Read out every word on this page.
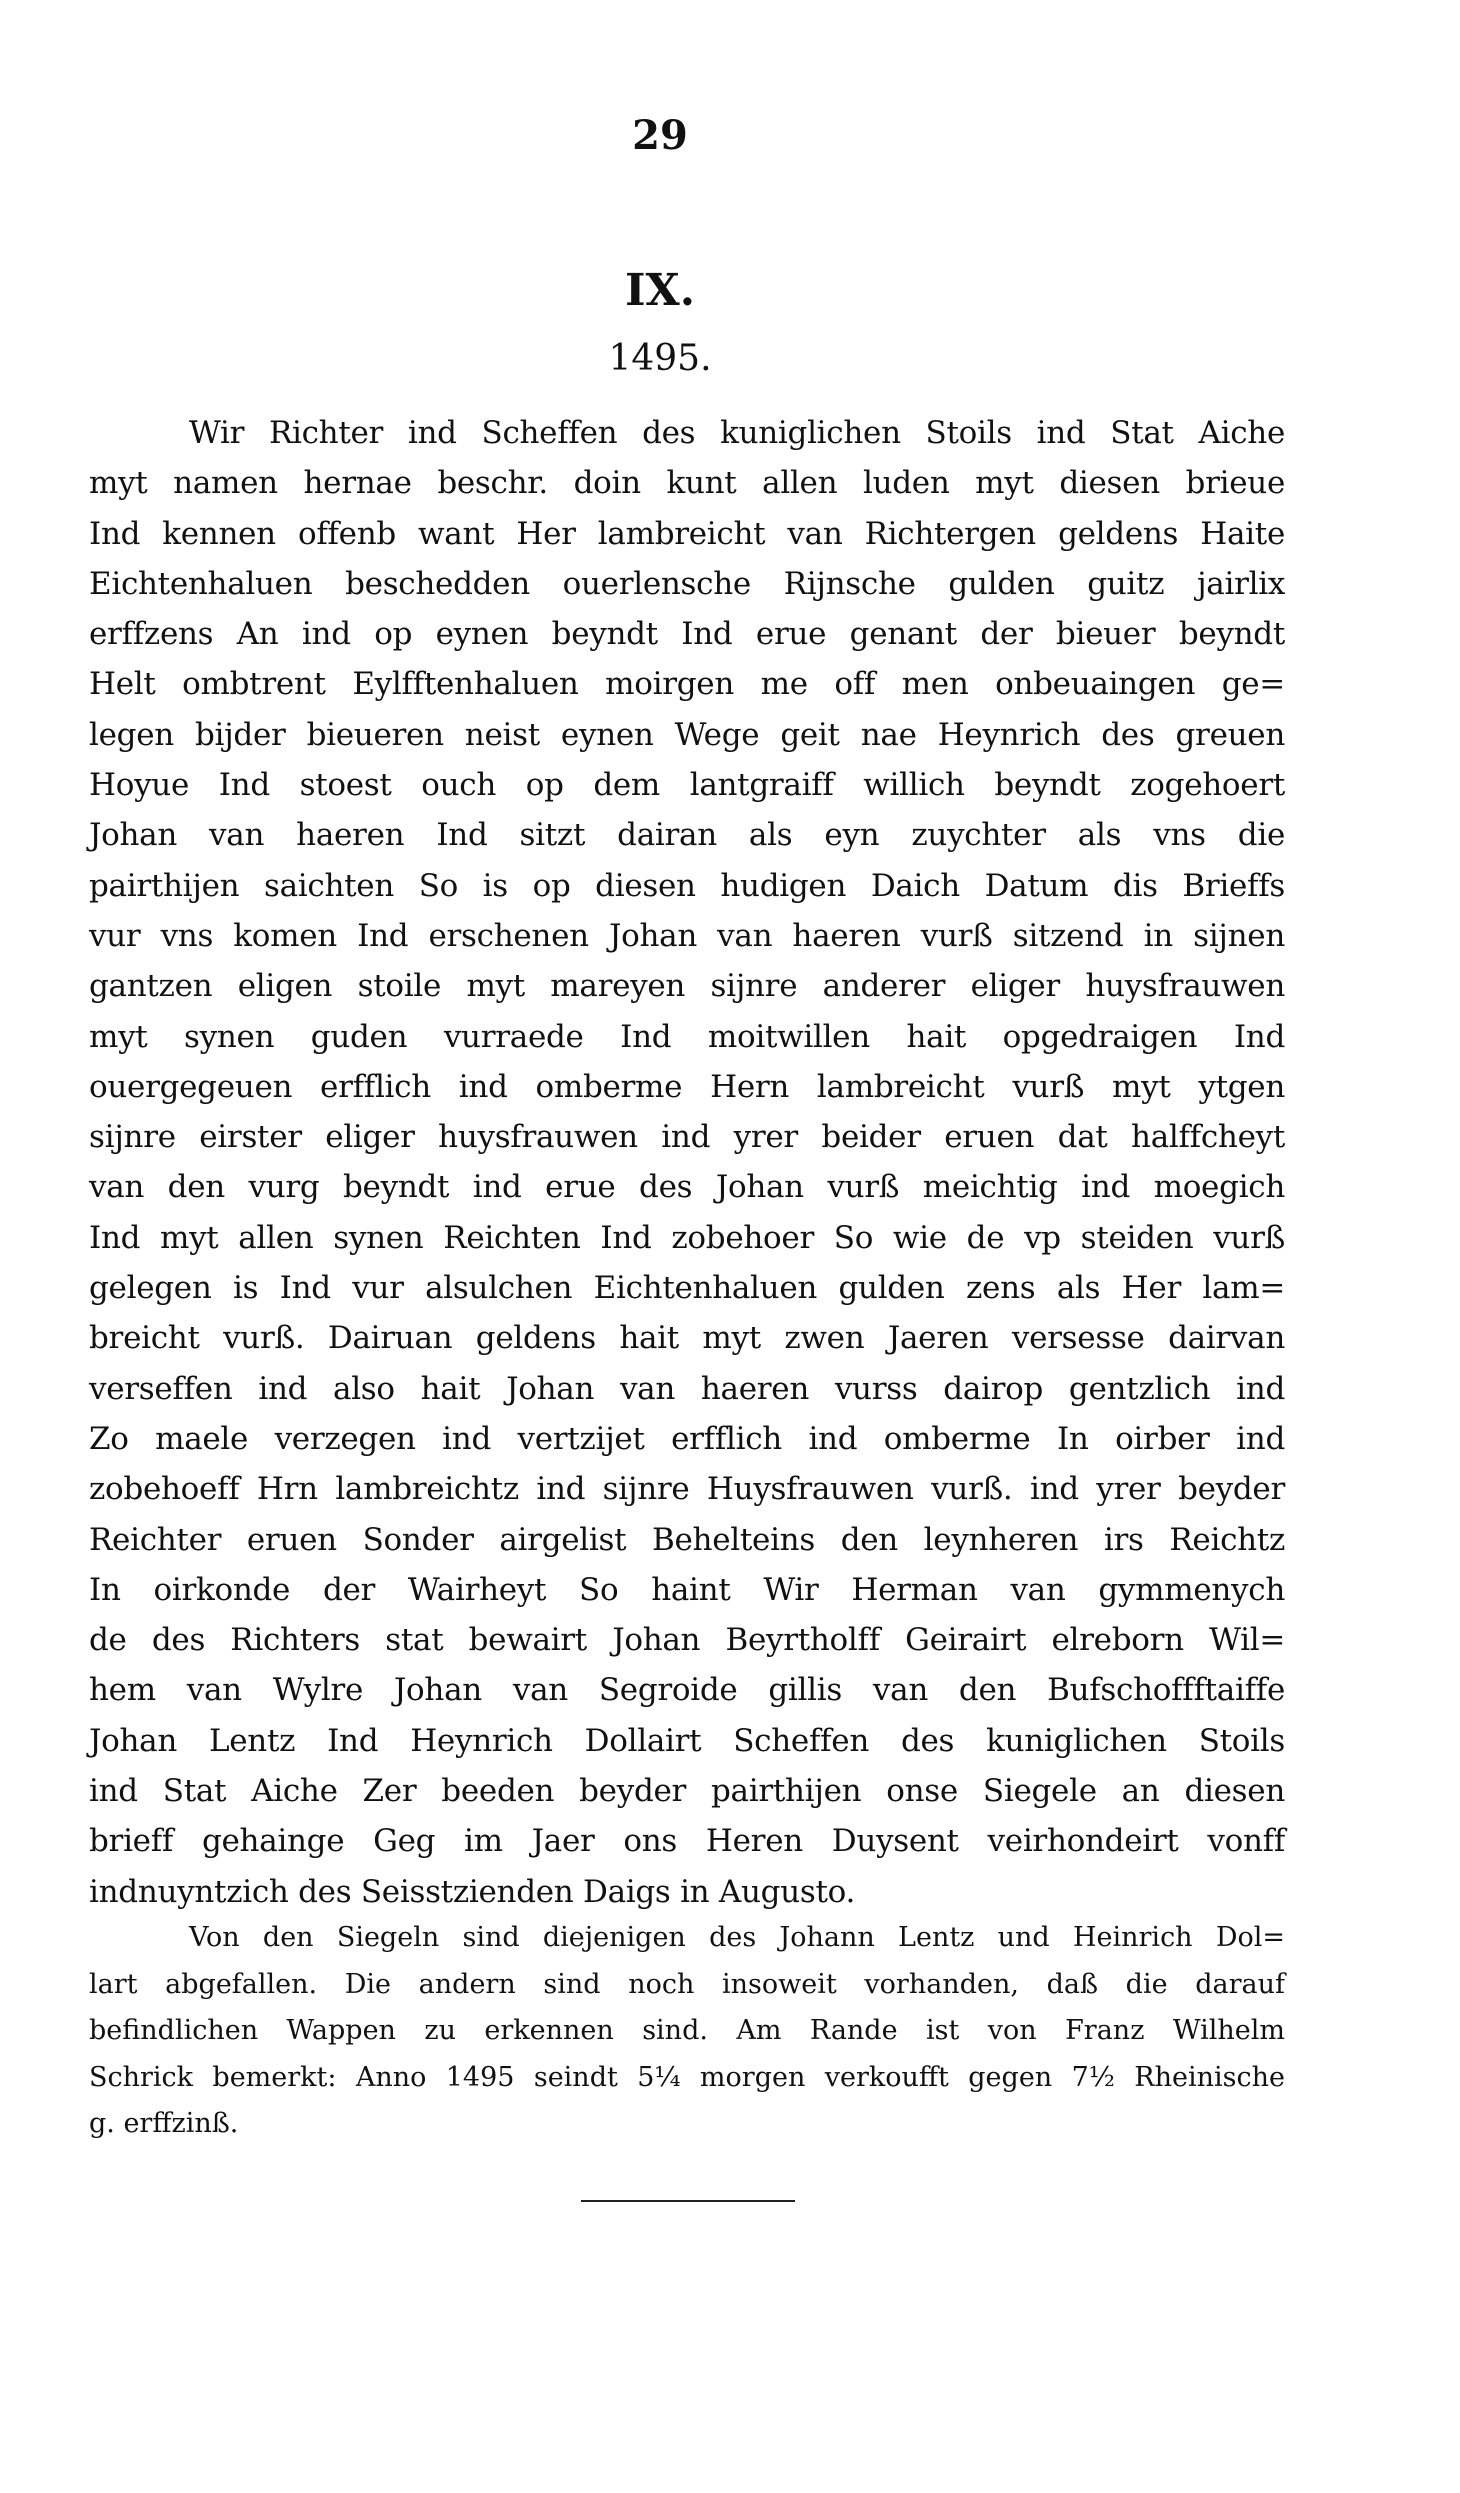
29
IX.
1495.
Wir Richter ind Scheffen des kuniglichen Stoils ind Stat Aiche
myt namen hernae beschr. doin kunt allen luden myt diesen brieue
Ind kennen offenb want Her lambreicht van Richtergen geldens Haite
Eichtenhaluen beschedden ouerlensche Rijnsche gulden guitz jairlix
erffzens An ind op eynen beyndt Ind erue genant der bieuer beyndt
Helt ombtrent Eylfftenhaluen moirgen me off men onbeuaingen ge=
legen bijder bieueren neist eynen Wege geit nae Heynrich des greuen
Hoyue Ind stoest ouch op dem lantgraiff willich beyndt zogehoert
Johan van haeren Ind sitzt dairan als eyn zuychter als vns die
pairthijen saichten So is op diesen hudigen Daich Datum dis Brieffs
vur vns komen Ind erschenen Johan van haeren vurß sitzend in sijnen
gantzen eligen stoile myt mareyen sijnre anderer eliger huysfrauwen
myt synen guden vurraede Ind moitwillen hait opgedraigen Ind
ouergegeuen erfflich ind omberme Hern lambreicht vurß myt ytgen
sijnre eirster eliger huysfrauwen ind yrer beider eruen dat halffcheyt
van den vurg beyndt ind erue des Johan vurß meichtig ind moegich
Ind myt allen synen Reichten Ind zobehoer So wie de vp steiden vurß
gelegen is Ind vur alsulchen Eichtenhaluen gulden zens als Her lam=
breicht vurß. Dairuan geldens hait myt zwen Jaeren versesse dairvan
verseffen ind also hait Johan van haeren vurss dairop gentzlich ind
Zo maele verzegen ind vertzijet erfflich ind omberme In oirber ind
zobehoeff Hrn lambreichtz ind sijnre Huysfrauwen vurß. ind yrer beyder
Reichter eruen Sonder airgelist Behelteins den leynheren irs Reichtz
In oirkonde der Wairheyt So haint Wir Herman van gymmenych
de des Richters stat bewairt Johan Beyrtholff Geirairt elreborn Wil=
hem van Wylre Johan van Segroide gillis van den Bufschoffftaiffe
Johan Lentz Ind Heynrich Dollairt Scheffen des kuniglichen Stoils
ind Stat Aiche Zer beeden beyder pairthijen onse Siegele an diesen
brieff gehainge Geg im Jaer ons Heren Duysent veirhondeirt vonff
indnuyntzich des Seisstzienden Daigs in Augusto.
Von den Siegeln sind diejenigen des Johann Lentz und Heinrich Dol=
lart abgefallen. Die andern sind noch insoweit vorhanden, daß die darauf
befindlichen Wappen zu erkennen sind. Am Rande ist von Franz Wilhelm
Schrick bemerkt: Anno 1495 seindt 5¼ morgen verkoufft gegen 7½ Rheinische
g. erffzinß.
